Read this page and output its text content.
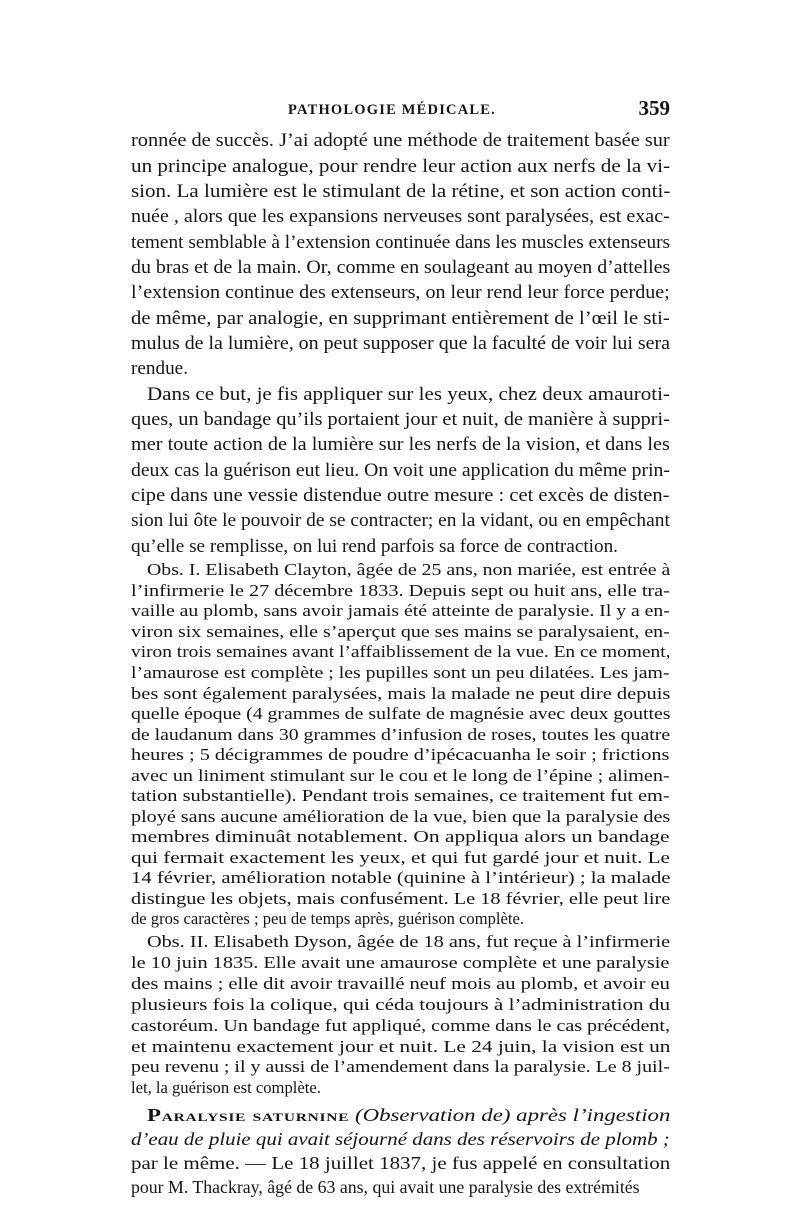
PATHOLOGIE MÉDICALE.	359
ronnée de succès. J’ai adopté une méthode de traitement basée sur
un principe analogue, pour rendre leur action aux nerfs de la vi-
sion. La lumière est le stimulant de la rétine, et son action conti-
nuée , alors que les expansions nerveuses sont paralysées, est exac-
tement semblable à l’extension continuée dans les muscles extenseurs
du bras et de la main. Or, comme en soulageant au moyen d’attelles
l’extension continue des extenseurs, on leur rend leur force perdue;
de même, par analogie, en supprimant entièrement de l’œil le sti-
mulus de la lumière, on peut supposer que la faculté de voir lui sera
rendue.
Dans ce but, je fis appliquer sur les yeux, chez deux amauroti-
ques, un bandage qu’ils portaient jour et nuit, de manière à suppri-
mer toute action de la lumière sur les nerfs de la vision, et dans les
deux cas la guérison eut lieu. On voit une application du même prin-
cipe dans une vessie distendue outre mesure : cet excès de disten-
sion lui ôte le pouvoir de se contracter; en la vidant, ou en empêchant
qu’elle se remplisse, on lui rend parfois sa force de contraction.
Obs. I. Elisabeth Clayton, âgée de 25 ans, non mariée, est entrée à
l’infirmerie le 27 décembre 1833. Depuis sept ou huit ans, elle tra-
vaille au plomb, sans avoir jamais été atteinte de paralysie. Il y a en-
viron six semaines, elle s’aperçut que ses mains se paralysaient, en-
viron trois semaines avant l’affaiblissement de la vue. En ce moment,
l’amaurose est complète ; les pupilles sont un peu dilatées. Les jam-
bes sont également paralysées, mais la malade ne peut dire depuis
quelle époque (4 grammes de sulfate de magnésie avec deux gouttes
de laudanum dans 30 grammes d’infusion de roses, toutes les quatre
heures ; 5 décigrammes de poudre d’ipécacuanha le soir ; frictions
avec un liniment stimulant sur le cou et le long de l’épine ; alimen-
tation substantielle). Pendant trois semaines, ce traitement fut em-
ployé sans aucune amélioration de la vue, bien que la paralysie des
membres diminuât notablement. On appliqua alors un bandage
qui fermait exactement les yeux, et qui fut gardé jour et nuit. Le
14 février, amélioration notable (quinine à l’intérieur) ; la malade
distingue les objets, mais confusément. Le 18 février, elle peut lire
de gros caractères ; peu de temps après, guérison complète.
Obs. II. Elisabeth Dyson, âgée de 18 ans, fut reçue à l’infirmerie
le 10 juin 1835. Elle avait une amaurose complète et une paralysie
des mains ; elle dit avoir travaillé neuf mois au plomb, et avoir eu
plusieurs fois la colique, qui céda toujours à l’administration du
castoréum. Un bandage fut appliqué, comme dans le cas précédent,
et maintenu exactement jour et nuit. Le 24 juin, la vision est un
peu revenu ; il y aussi de l’amendement dans la paralysie. Le 8 juil-
let, la guérison est complète.
Paralysie saturnine (Observation de) après l’ingestion
d’eau de pluie qui avait séjourné dans des réservoirs de plomb ;
par le même. — Le 18 juillet 1837, je fus appelé en consultation
pour M. Thackray, âgé de 63 ans, qui avait une paralysie des extrémités
